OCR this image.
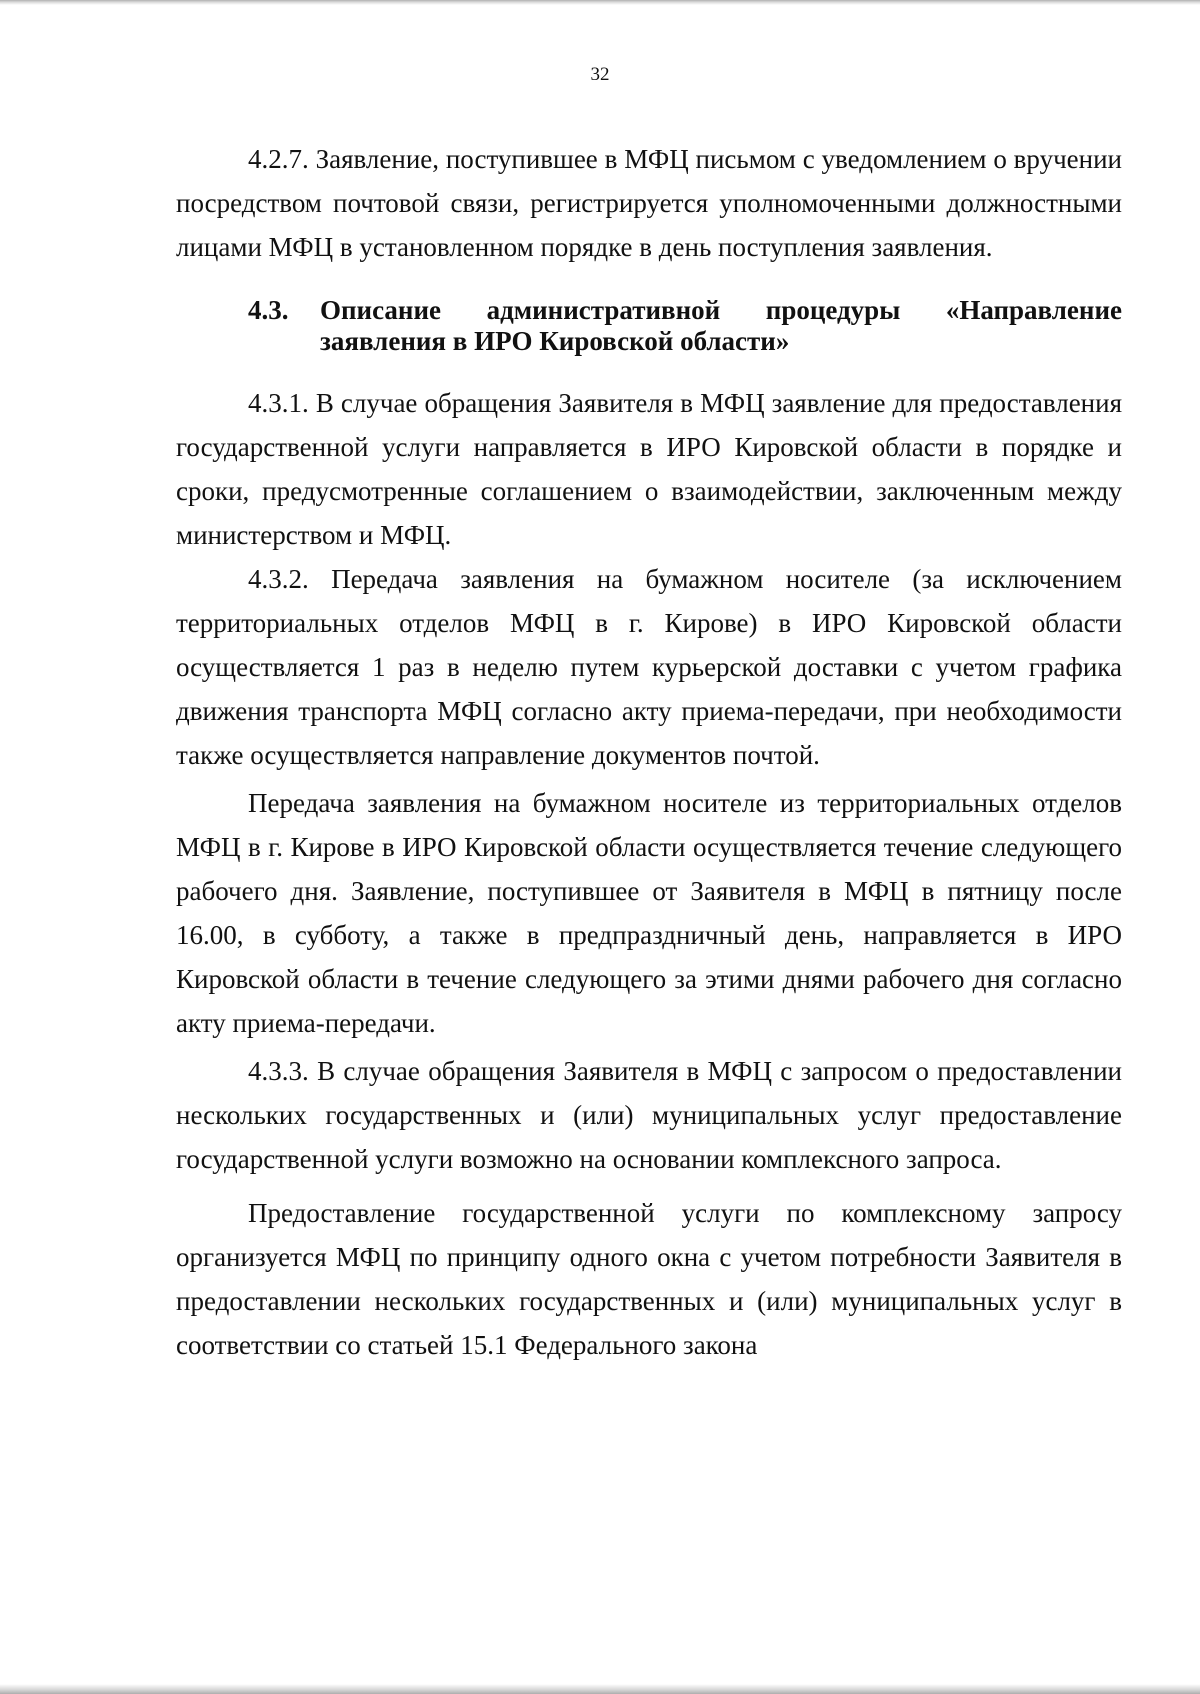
32

4.2.7. Заявление, поступившее в МФЦ письмом с уведомлением о вручении посредством почтовой связи, регистрируется уполномоченными должностными лицами МФЦ в установленном порядке в день поступления заявления.

4.3.	Описание административной процедуры «Направление заявления в ИРО Кировской области»

4.3.1. В случае обращения Заявителя в МФЦ заявление для предоставления государственной услуги направляется в ИРО Кировской области в порядке и сроки, предусмотренные соглашением о взаимодействии, заключенным между министерством и МФЦ.

4.3.2. Передача заявления на бумажном носителе (за исключением территориальных отделов МФЦ в г. Кирове) в ИРО Кировской области осуществляется 1 раз в неделю путем курьерской доставки с учетом графика движения транспорта МФЦ согласно акту приема-передачи, при необходимости также осуществляется направление документов почтой.

Передача заявления на бумажном носителе из территориальных отделов МФЦ в г. Кирове в ИРО Кировской области осуществляется течение следующего рабочего дня. Заявление, поступившее от Заявителя в МФЦ в пятницу после 16.00, в субботу, а также в предпраздничный день, направляется в ИРО Кировской области в течение следующего за этими днями рабочего дня согласно акту приема-передачи.

4.3.3. В случае обращения Заявителя в МФЦ с запросом о предоставлении нескольких государственных и (или) муниципальных услуг предоставление государственной услуги возможно на основании комплексного запроса.

Предоставление государственной услуги по комплексному запросу организуется МФЦ по принципу одного окна с учетом потребности Заявителя в предоставлении нескольких государственных и (или) муниципальных услуг в соответствии со статьей 15.1 Федерального закона
